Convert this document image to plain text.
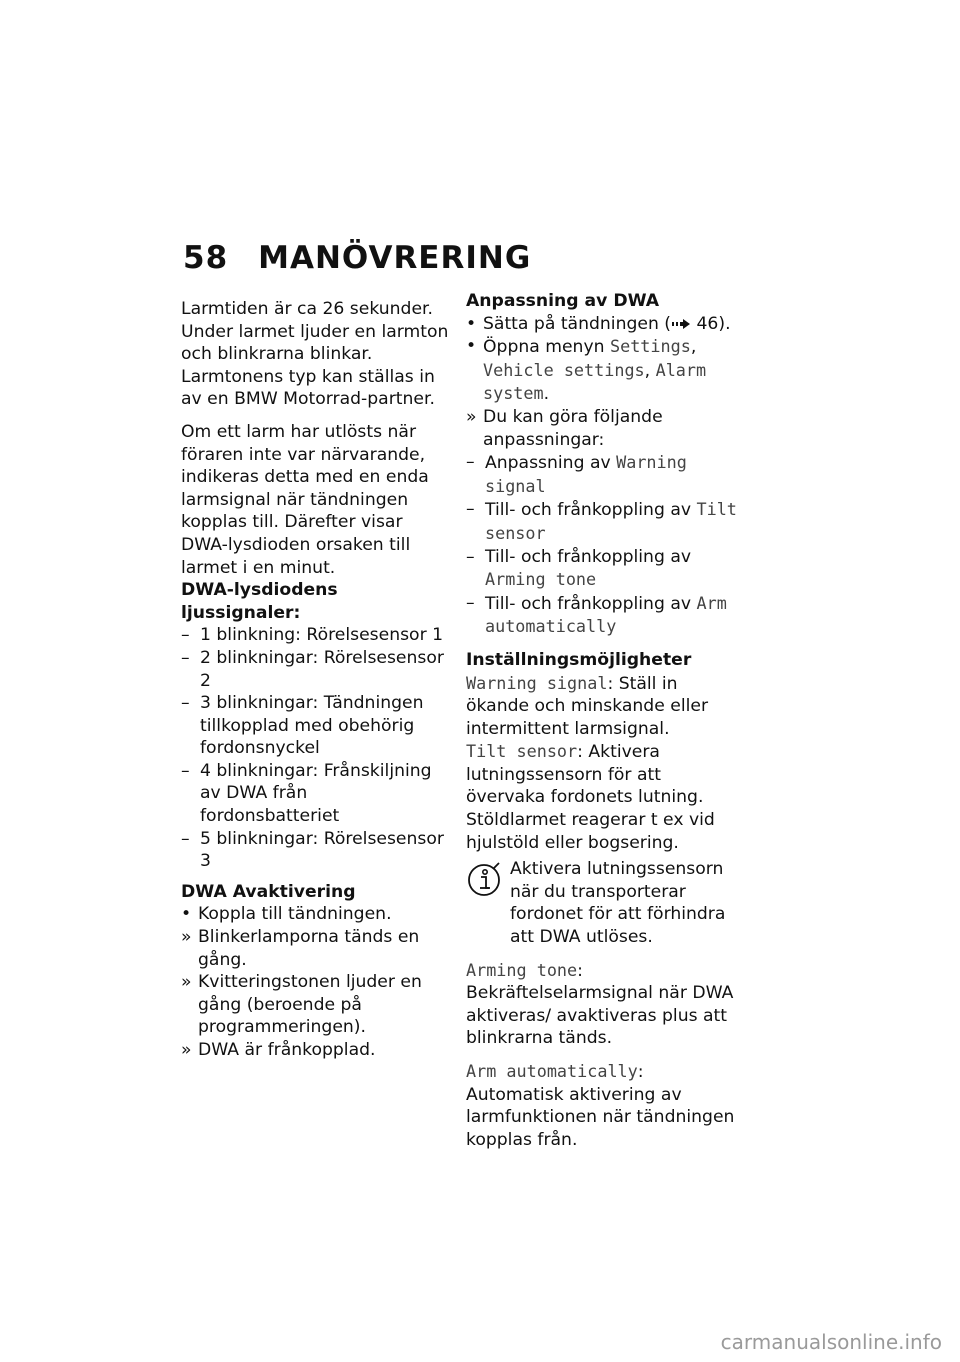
58 MANÖVRERING

Larmtiden är ca 26 sekunder. Under larmet ljuder en larmton och blinkrarna blinkar. Larmtonens typ kan ställas in av en BMW Motorrad-partner.

Om ett larm har utlösts när föraren inte var närvarande, indikeras detta med en enda larmsignal när tändningen kopplas till. Därefter visar DWA-lysdioden orsaken till larmet i en minut.

DWA-lysdiodens ljussignaler:
– 1 blinkning: Rörelsesensor 1
– 2 blinkningar: Rörelsesensor 2
– 3 blinkningar: Tändningen tillkopplad med obehörig fordonsnyckel
– 4 blinkningar: Frånskiljning av DWA från fordonsbatteriet
– 5 blinkningar: Rörelsesensor 3
DWA Avaktivering
• Koppla till tändningen.
» Blinkerlamporna tänds en gång.
» Kvitteringstonen ljuder en gång (beroende på programmeringen).
» DWA är frånkopplad.
Anpassning av DWA
• Sätta på tändningen ( 46).
• Öppna menyn Settings, Vehicle settings, Alarm system.
» Du kan göra följande anpassningar:
– Anpassning av Warning signal
– Till- och frånkoppling av Tilt sensor
– Till- och frånkoppling av Arming tone
– Till- och frånkoppling av Arm automatically
Inställningsmöjligheter
Warning signal: Ställ in ökande och minskande eller intermittent larmsignal.
Tilt sensor: Aktivera lutningssensorn för att övervaka fordonets lutning. Stöldlarmet reagerar t ex vid hjulstöld eller bogsering.
Aktivera lutningssensorn när du transporterar fordonet för att förhindra att DWA utlöses.
Arming tone: Bekräftelselarmsignal när DWA aktiveras/ avaktiveras plus att blinkrarna tänds.
Arm automatically: Automatisk aktivering av larmfunktionen när tändningen kopplas från.
carmanualsonline.info
